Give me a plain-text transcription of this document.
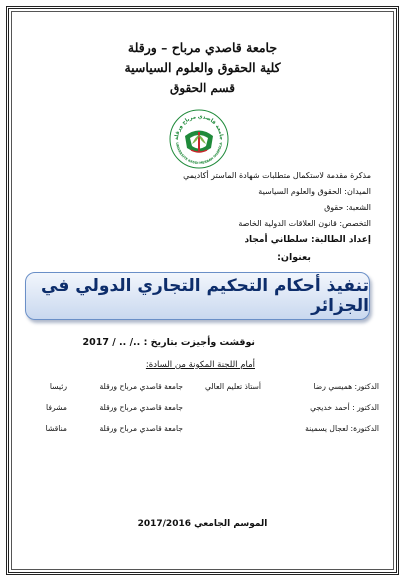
جامعة قاصدي مرباح – ورقلة
كلية الحقوق والعلوم السياسية
قسم الحقوق
جامعة قاصدي مرباح ورقلة
UNIVERSITE KASDI MERBAH OUARGLA
مذكرة مقدمة لاستكمال متطلبات شهادة الماستر أكاديمي
الميدان: الحقوق والعلوم السياسية
الشعبة: حقوق
التخصص: قانون العلاقات الدولية الخاصة
إعداد الطالبة: سلطاني أمجاد
بعنوان:
تنفيذ أحكام التحكيم التجاري الدولي في الجزائر
نوقشت وأجيزت بتاريخ : ../ .. / 2017
أمام اللجنة المكونة من السادة:
الدكتور: هميسي رضا	أستاذ تعليم العالي	جامعة قاصدي مرباح ورقلة	رئيسا
الدكتور : أحمد خديجي		جامعة قاصدي مرباح ورقلة	مشرفا
الدكتورة: لعجال يسمينة		جامعة قاصدي مرباح ورقلة	مناقشا
الموسم الجامعي 2017/2016
